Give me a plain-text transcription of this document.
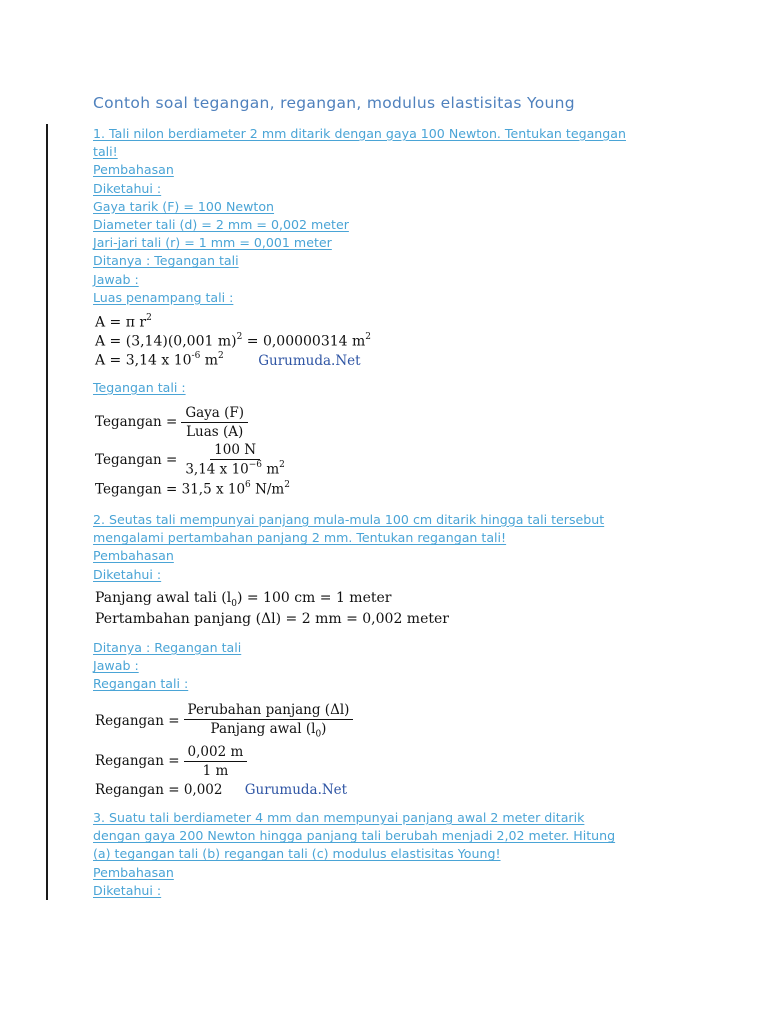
Contoh soal tegangan, regangan, modulus elastisitas Young
1. Tali nilon berdiameter 2 mm ditarik dengan gaya 100 Newton. Tentukan tegangan
tali!
Pembahasan
Diketahui :
Gaya tarik (F) = 100 Newton
Diameter tali (d) = 2 mm = 0,002 meter
Jari-jari tali (r) = 1 mm = 0,001 meter
Ditanya : Tegangan tali
Jawab :
Luas penampang tali :
A = π $r^2$
A = (3,14)(0,001 m)$^2$ = 0,00000314 $m^2$
A = 3,14 x $10^{-6}$ $m^2$	Gurumuda.Net
Tegangan tali :
Tegangan = $\frac{\text{Gaya (F)}}{\text{Luas (A)}}$
Tegangan = $\frac{100 N}{3,14 x 10^{-6} m^2}$
Tegangan = 31,5 x $10^6$ $N/m^2$
2. Seutas tali mempunyai panjang mula-mula 100 cm ditarik hingga tali tersebut
mengalami pertambahan panjang 2 mm. Tentukan regangan tali!
Pembahasan
Diketahui :
Panjang awal tali $(l_0) = 100$ cm = 1 meter
Pertambahan panjang (Δl) = 2 mm = 0,002 meter
Ditanya : Regangan tali
Jawab :
Regangan tali :
Regangan = $\frac{\text{Perubahan panjang (Δl)}}{Panjang awal (l_0)}$
Regangan = $\frac{0,002 m}{1 m}$
Regangan = 0,002 Gurumuda.Net
3. Suatu tali berdiameter 4 mm dan mempunyai panjang awal 2 meter ditarik
dengan gaya 200 Newton hingga panjang tali berubah menjadi 2,02 meter. Hitung
(a) tegangan tali (b) regangan tali (c) modulus elastisitas Young!
Pembahasan
Diketahui :
